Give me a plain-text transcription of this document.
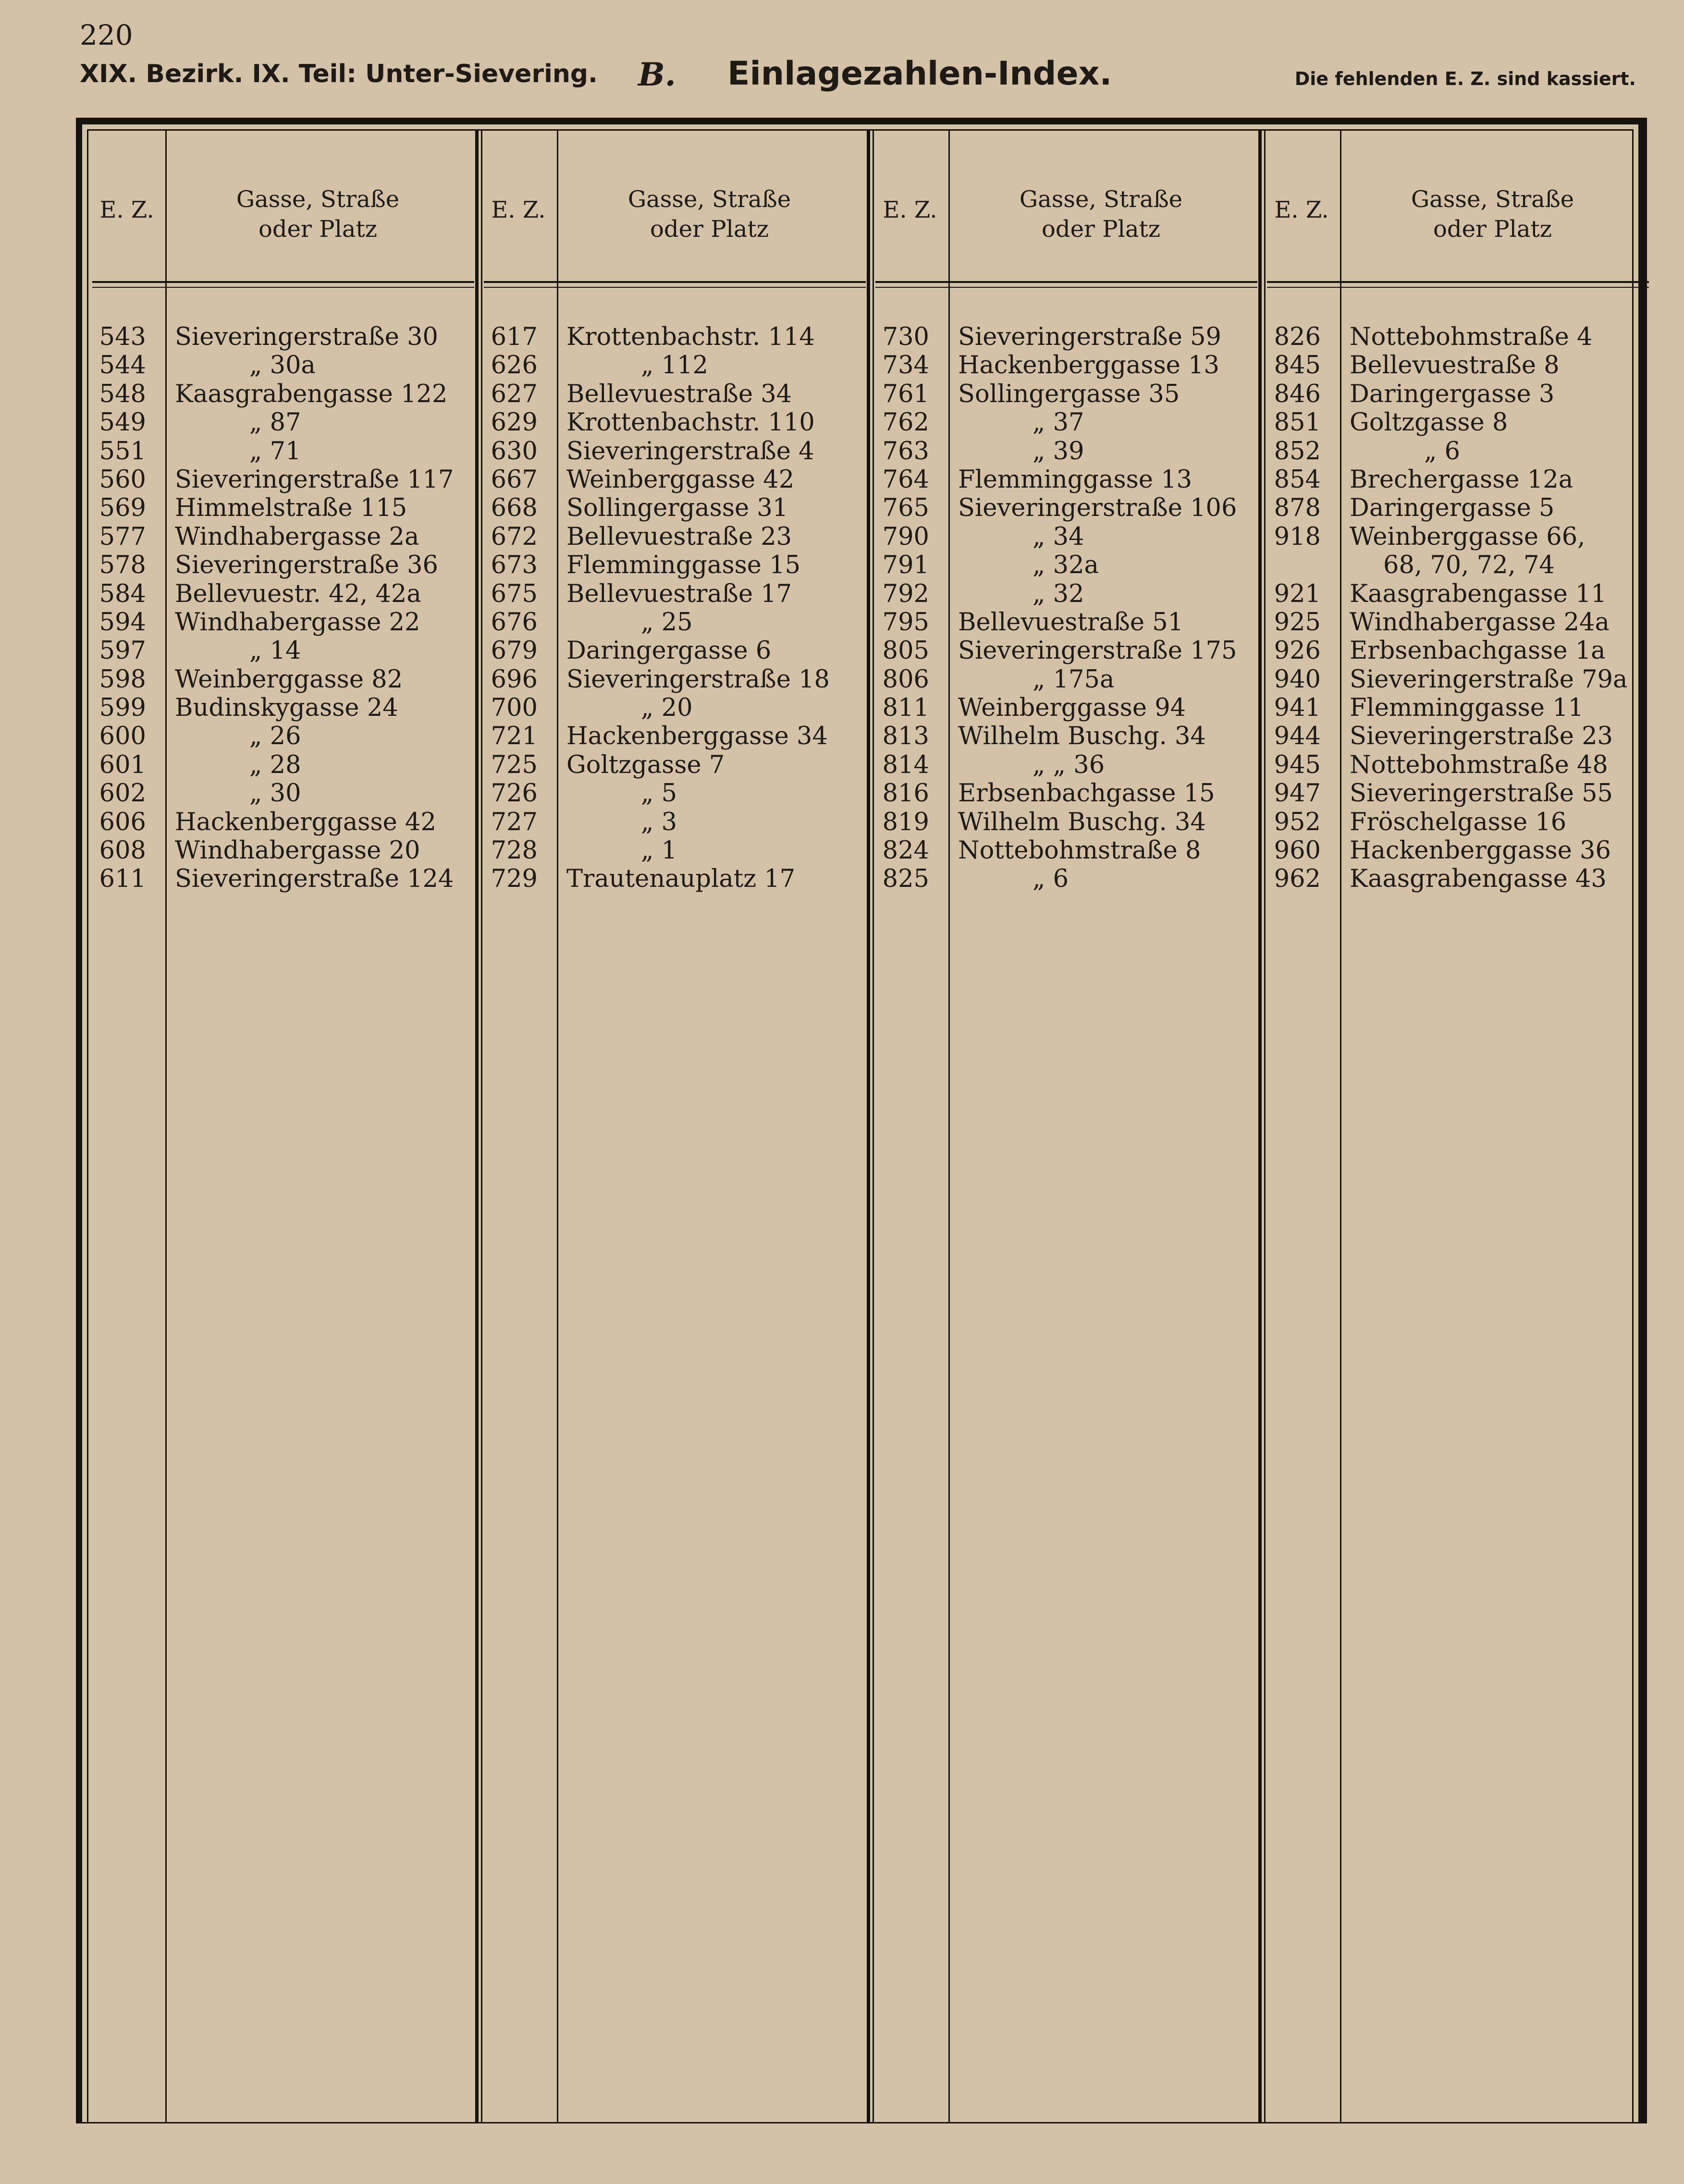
220
XIX. Bezirk. IX. Teil: Unter-Sievering. B. Einlagezahlen-Index.	Die fehlenden E. Z. sind kassiert.
E. Z.	Gasse, Straße
oder Platz
543 Sieveringerstraße 30
544	„ 30a
548 Kaasgrabengasse 122
549	„ 87
551	„ 71
560 Sieveringerstraße 117
569 Himmelstraße 115
577 Windhabergasse 2a
578 Sieveringerstraße 36
584 Bellevuestr. 42, 42a
594 Windhabergasse 22
597	„ 14
598 Weinberggasse 82
599 Budinskygasse 24
600	„ 26
601	„ 28
602	„ 30
606 Hackenberggasse 42
608 Windhabergasse 20
611 Sieveringerstraße 124
E. Z.	Gasse, Straße
oder Platz
617 Krottenbachstr. 114
626	„ 112
627 Bellevuestraße 34
629 Krottenbachstr. 110
630 Sieveringerstraße 4
667 Weinberggasse 42
668 Sollingergasse 31
672 Bellevuestraße 23
673 Flemminggasse 15
675 Bellevuestraße 17
676	„ 25
679 Daringergasse 6
696 Sieveringerstraße 18
700	„ 20
721 Hackenberggasse 34
725 Goltzgasse 7
726	„ 5
727	„ 3
728	„ 1
729 Trautenauplatz 17
E. Z.	Gasse, Straße
oder Platz
730 Sieveringerstraße 59
734 Hackenberggasse 13
761 Sollingergasse 35
762	„ 37
763	„ 39
764 Flemminggasse 13
765 Sieveringerstraße 106
790	„ 34
791	„ 32a
792	„ 32
795 Bellevuestraße 51
805 Sieveringerstraße 175
806	„ 175a
811 Weinberggasse 94
813 Wilhelm Buschg. 34
814	„ „ 36
816 Erbsenbachgasse 15
819 Wilhelm Buschg. 34
824 Nottebohmstraße 8
825	„ 6
E. Z.	Gasse, Straße
oder Platz
826 Nottebohmstraße 4
845 Bellevuestraße 8
846 Daringergasse 3
851 Goltzgasse 8
852	„ 6
854 Brechergasse 12a
878 Daringergasse 5
918 Weinberggasse 66,
68, 70, 72, 74
921 Kaasgrabengasse 11
925 Windhabergasse 24a
926 Erbsenbachgasse 1a
940 Sieveringerstraße 79a
941 Flemminggasse 11
944 Sieveringerstraße 23
945 Nottebohmstraße 48
947 Sieveringerstraße 55
952 Fröschelgasse 16
960 Hackenberggasse 36
962 Kaasgrabengasse 43
